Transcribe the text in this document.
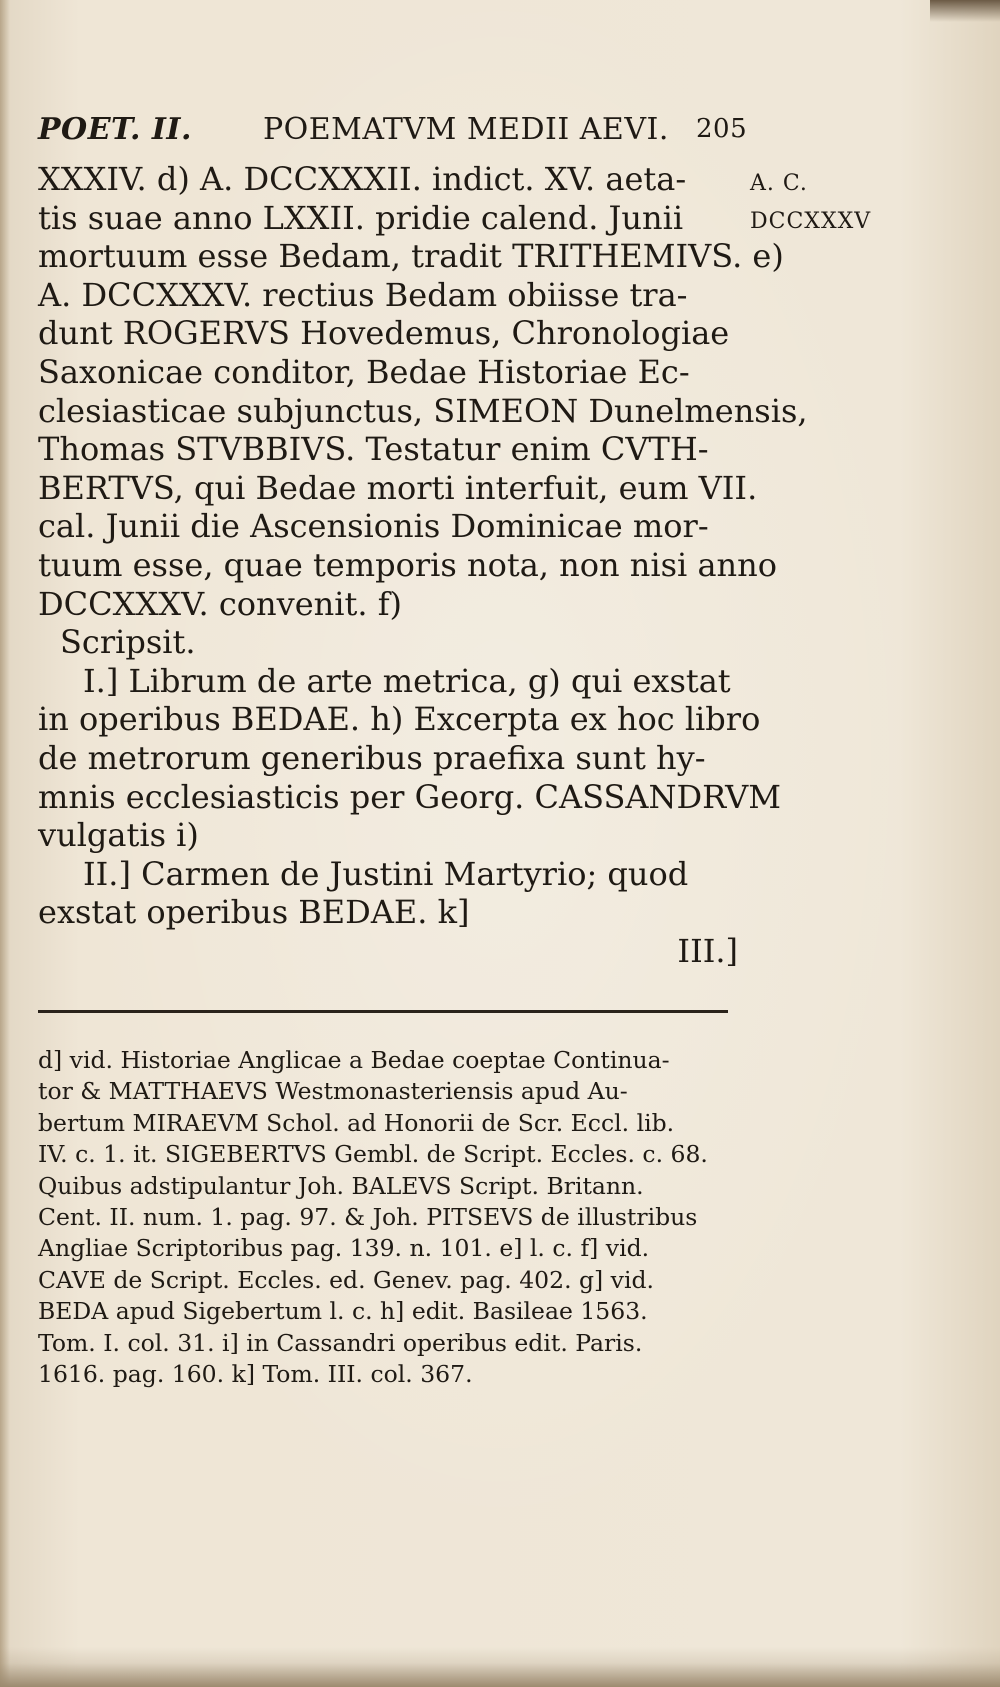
POET. II. POEMATVM MEDII AEVI. 205
A. C.
DCCXXXV
XXXIV. d) A. DCCXXXII. indict. XV. aeta-
tis suae anno LXXII. pridie calend. Junii
mortuum esse Bedam, tradit TRITHEMIVS. e)
A. DCCXXXV. rectius Bedam obiisse tra-
dunt ROGERVS Hovedemus, Chronologiae
Saxonicae conditor, Bedae Historiae Ec-
clesiasticae subjunctus, SIMEON Dunelmensis,
Thomas STVBBIVS. Testatur enim CVTH-
BERTVS, qui Bedae morti interfuit, eum VII.
cal. Junii die Ascensionis Dominicae mor-
tuum esse, quae temporis nota, non nisi anno
DCCXXXV. convenit. f)
Scripsit.
I.] Librum de arte metrica, g) qui exstat
in operibus BEDAE. h) Excerpta ex hoc libro
de metrorum generibus praefixa sunt hy-
mnis ecclesiasticis per Georg. CASSANDRVM
vulgatis i)
II.] Carmen de Justini Martyrio; quod
exstat operibus BEDAE. k]
III.]
d] vid. Historiae Anglicae a Bedae coeptae Continua-
tor & MATTHAEVS Westmonasteriensis apud Au-
bertum MIRAEVM Schol. ad Honorii de Scr. Eccl. lib.
IV. c. 1. it. SIGEBERTVS Gembl. de Script. Eccles. c. 68.
Quibus adstipulantur Joh. BALEVS Script. Britann.
Cent. II. num. 1. pag. 97. & Joh. PITSEVS de illustribus
Angliae Scriptoribus pag. 139. n. 101. e] l. c. f] vid.
CAVE de Script. Eccles. ed. Genev. pag. 402. g] vid.
BEDA apud Sigebertum l. c. h] edit. Basileae 1563.
Tom. I. col. 31. i] in Cassandri operibus edit. Paris.
1616. pag. 160. k] Tom. III. col. 367.
